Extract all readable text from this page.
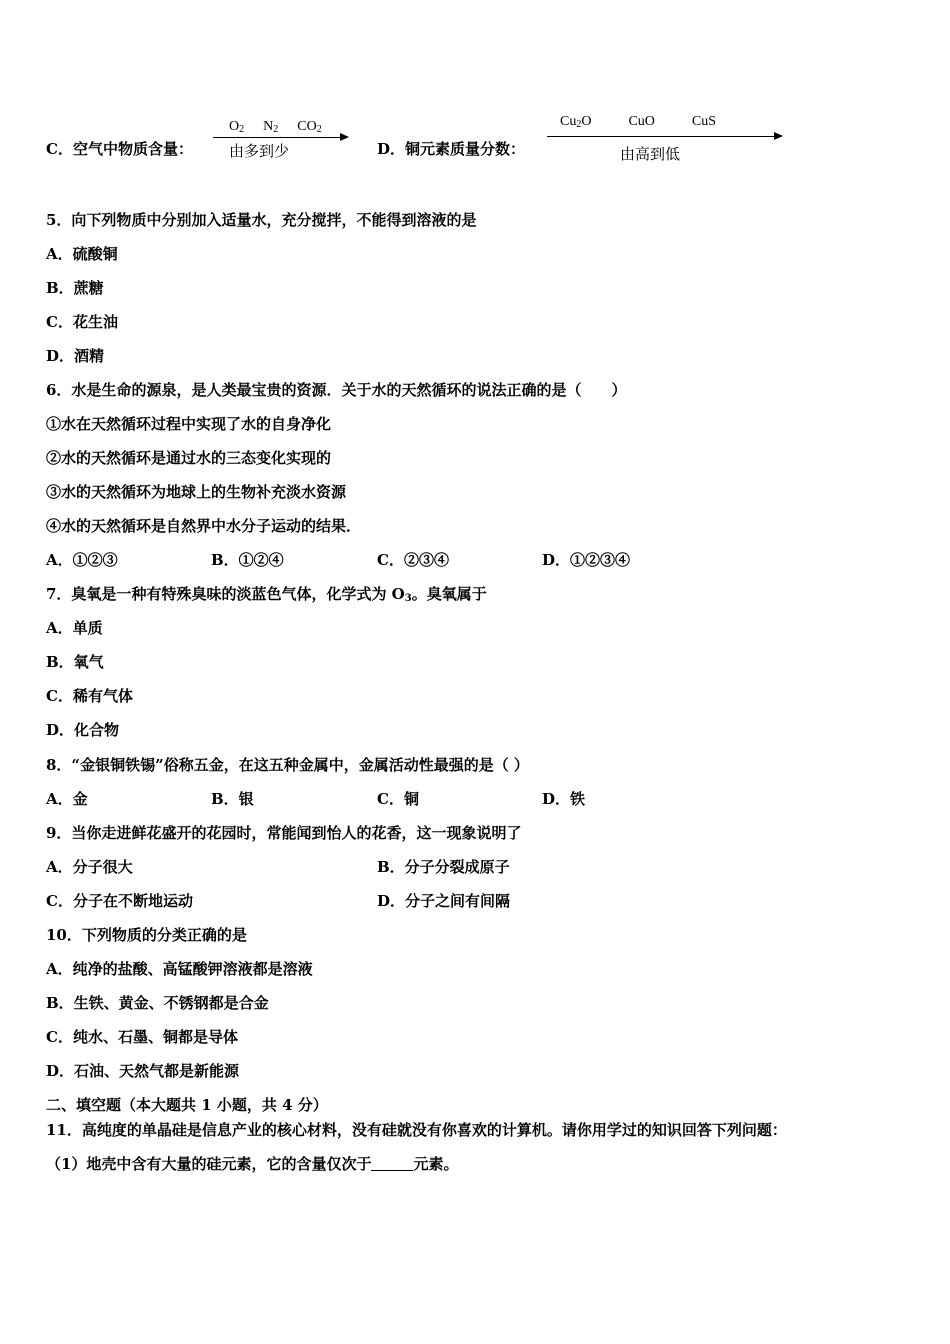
C．空气中物质含量：
$O_2$ $N_2$ $CO_2$
由多到少	D．铜元素质量分数：
$Cu_2O$	CuO	CuS
由高到低
5．向下列物质中分别加入适量水，充分搅拌，不能得到溶液的是
A．硫酸铜
B．蔗糖
C．花生油
D．酒精
6．水是生命的源泉，是人类最宝贵的资源．关于水的天然循环的说法正确的是（　　）
①水在天然循环过程中实现了水的自身净化
②水的天然循环是通过水的三态变化实现的
③水的天然循环为地球上的生物补充淡水资源
④水的天然循环是自然界中水分子运动的结果．
A．①②③	B．①②④	C．②③④	D．①②③④
7．臭氧是一种有特殊臭味的淡蓝色气体，化学式为 $O_3$。臭氧属于
A．单质
B．氧气
C．稀有气体
D．化合物
8．“金银铜铁锡”俗称五金，在这五种金属中，金属活动性最强的是（ ）
A．金	B．银	C．铜	D．铁
9．当你走进鲜花盛开的花园时，常能闻到怡人的花香，这一现象说明了
A．分子很大	B．分子分裂成原子
C．分子在不断地运动	D．分子之间有间隔
10．下列物质的分类正确的是
A．纯净的盐酸、高锰酸钾溶液都是溶液
B．生铁、黄金、不锈钢都是合金
C．纯水、石墨、铜都是导体
D．石油、天然气都是新能源
二、填空题（本大题共 1 小题，共 4 分）
11．高纯度的单晶硅是信息产业的核心材料，没有硅就没有你喜欢的计算机。请你用学过的知识回答下列问题：
（1）地壳中含有大量的硅元素，它的含量仅次于	元素。
